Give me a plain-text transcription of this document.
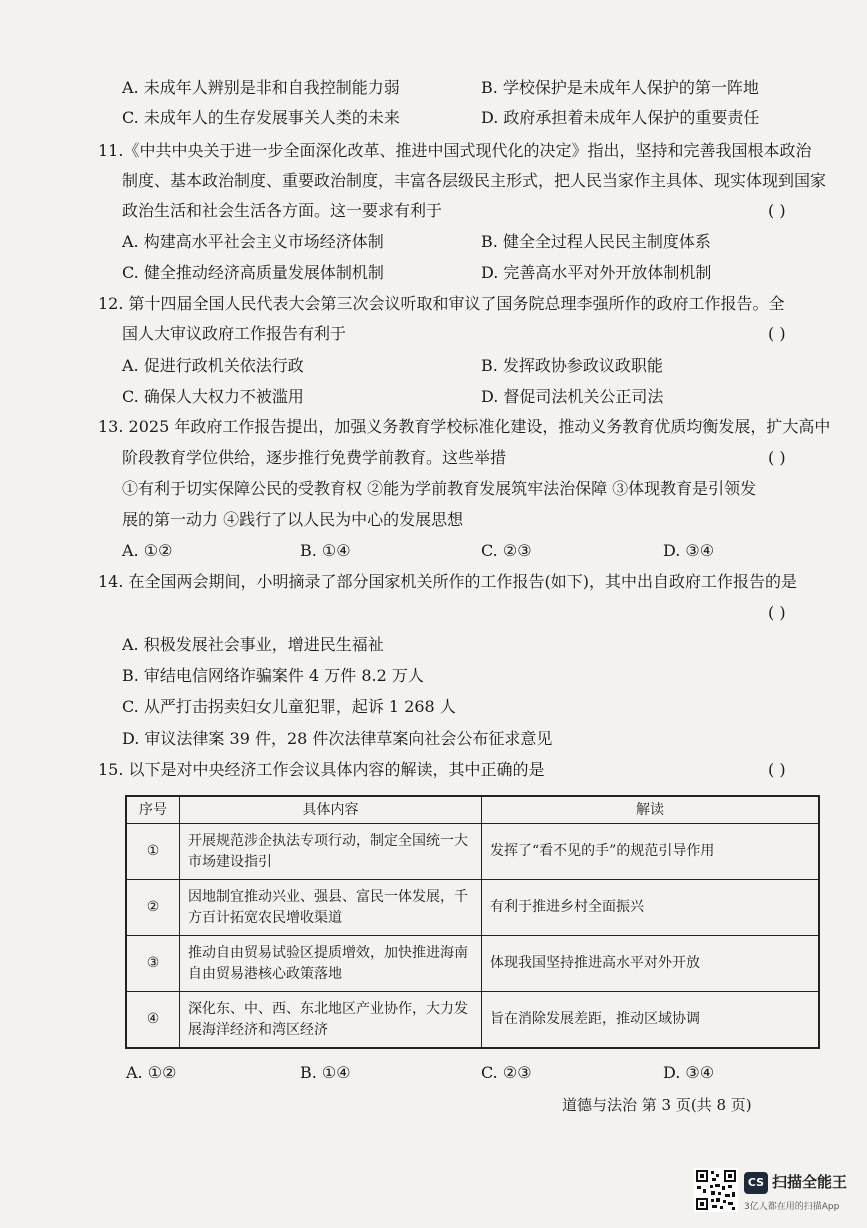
A. 未成年人辨别是非和自我控制能力弱	B. 学校保护是未成年人保护的第一阵地
C. 未成年人的生存发展事关人类的未来	D. 政府承担着未成年人保护的重要责任
11.《中共中央关于进一步全面深化改革、推进中国式现代化的决定》指出，坚持和完善我国根本政治
制度、基本政治制度、重要政治制度，丰富各层级民主形式，把人民当家作主具体、现实体现到国家
政治生活和社会生活各方面。这一要求有利于	( )
A. 构建高水平社会主义市场经济体制	B. 健全全过程人民民主制度体系
C. 健全推动经济高质量发展体制机制	D. 完善高水平对外开放体制机制
12. 第十四届全国人民代表大会第三次会议听取和审议了国务院总理李强所作的政府工作报告。全
国人大审议政府工作报告有利于	( )
A. 促进行政机关依法行政	B. 发挥政协参政议政职能
C. 确保人大权力不被滥用	D. 督促司法机关公正司法
13. 2025 年政府工作报告提出，加强义务教育学校标准化建设，推动义务教育优质均衡发展，扩大高中
阶段教育学位供给，逐步推行免费学前教育。这些举措	( )
①有利于切实保障公民的受教育权 ②能为学前教育发展筑牢法治保障 ③体现教育是引领发
展的第一动力 ④践行了以人民为中心的发展思想
A. ①②	B. ①④	C. ②③	D. ③④
14. 在全国两会期间，小明摘录了部分国家机关所作的工作报告(如下)，其中出自政府工作报告的是
( )
A. 积极发展社会事业，增进民生福祉
B. 审结电信网络诈骗案件 4 万件 8.2 万人
C. 从严打击拐卖妇女儿童犯罪，起诉 1 268 人
D. 审议法律案 39 件，28 件次法律草案向社会公布征求意见
15. 以下是对中央经济工作会议具体内容的解读，其中正确的是	( )
序号	具体内容	解读
①	开展规范涉企执法专项行动，制定全国统一大市场建设指引	发挥了“看不见的手”的规范引导作用
②	因地制宜推动兴业、强县、富民一体发展，千方百计拓宽农民增收渠道	有利于推进乡村全面振兴
③	推动自由贸易试验区提质增效，加快推进海南自由贸易港核心政策落地	体现我国坚持推进高水平对外开放
④	深化东、中、西、东北地区产业协作，大力发展海洋经济和湾区经济	旨在消除发展差距，推动区域协调
A. ①②	B. ①④	C. ②③	D. ③④
道德与法治 第 3 页(共 8 页)
CS 扫描全能王
3亿人都在用的扫描App
